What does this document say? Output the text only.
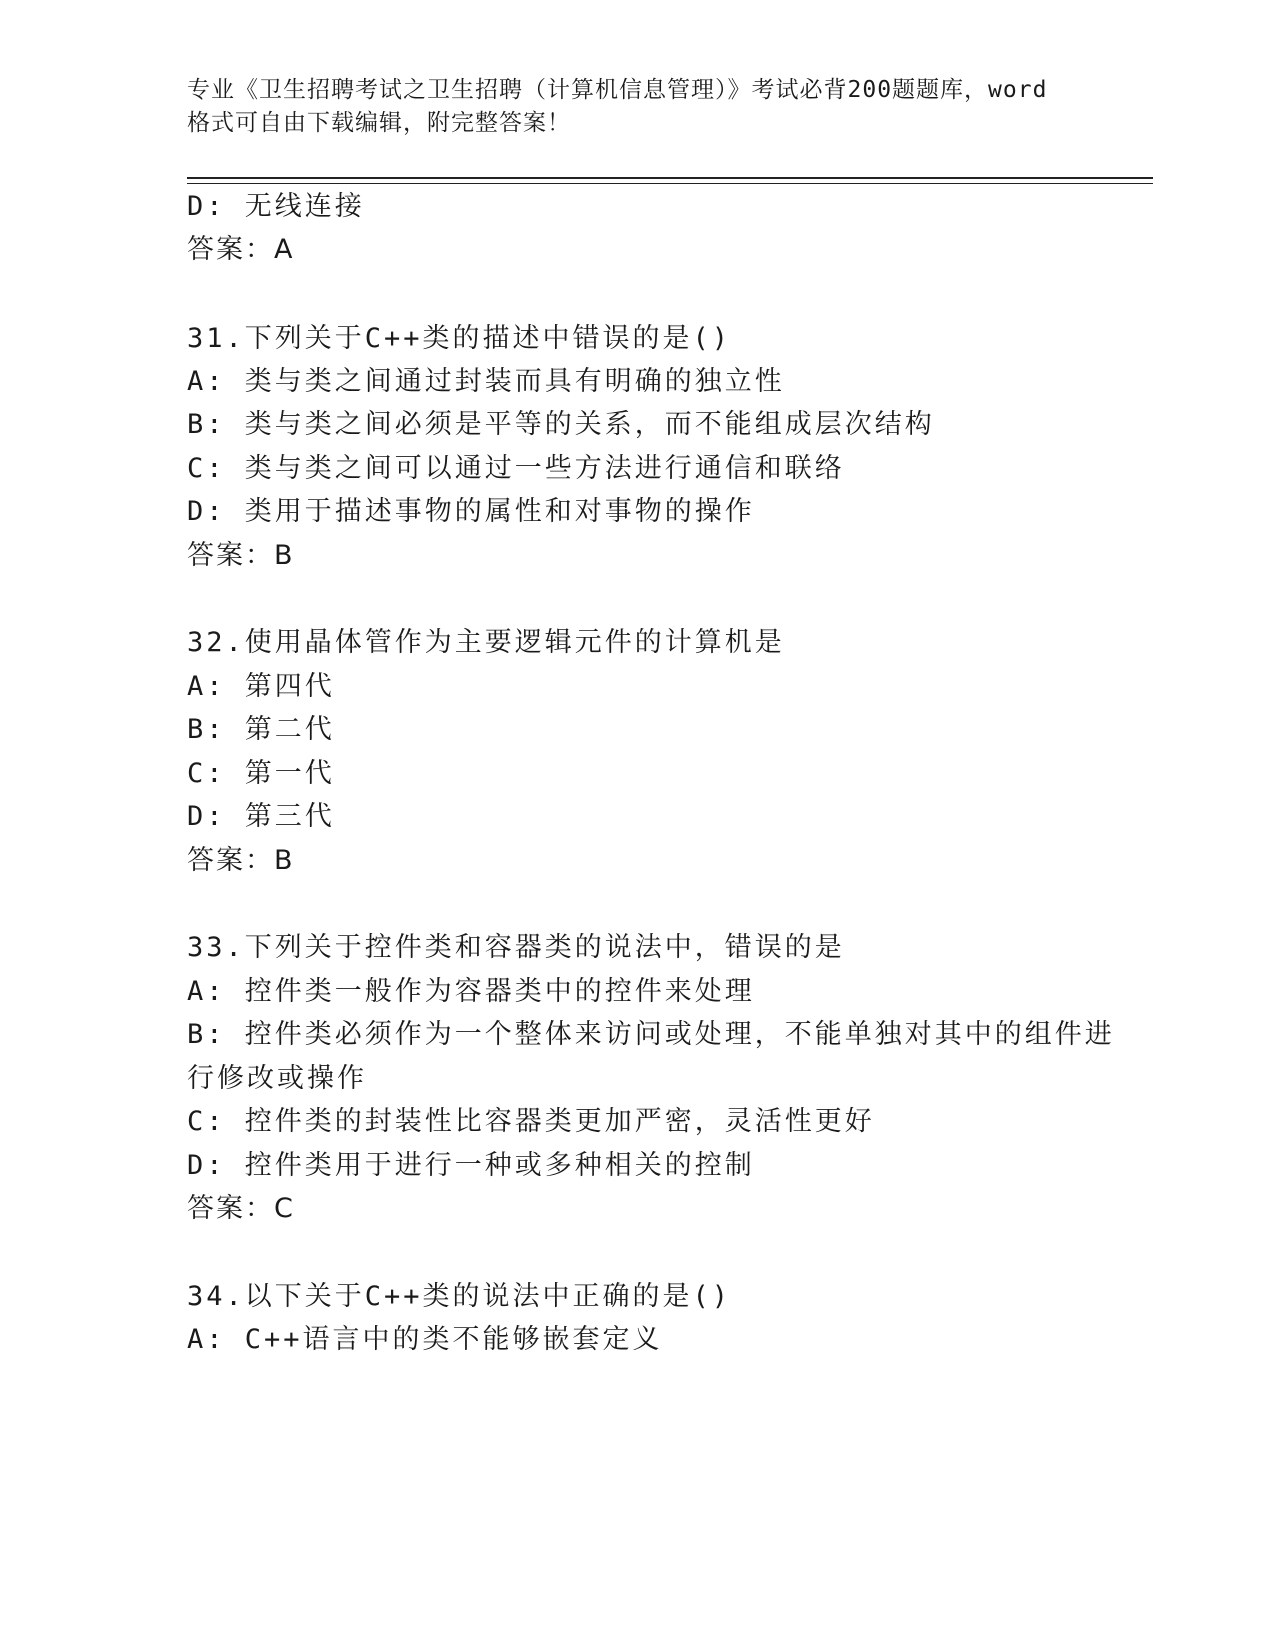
专业《卫生招聘考试之卫生招聘（计算机信息管理）》考试必背200题题库，word
格式可自由下载编辑，附完整答案！
D: 无线连接
答案：A
31.下列关于C++类的描述中错误的是()
A: 类与类之间通过封装而具有明确的独立性
B: 类与类之间必须是平等的关系，而不能组成层次结构
C: 类与类之间可以通过一些方法进行通信和联络
D: 类用于描述事物的属性和对事物的操作
答案：B
32.使用晶体管作为主要逻辑元件的计算机是
A: 第四代
B: 第二代
C: 第一代
D: 第三代
答案：B
33.下列关于控件类和容器类的说法中，错误的是
A: 控件类一般作为容器类中的控件来处理
B: 控件类必须作为一个整体来访问或处理，不能单独对其中的组件进
行修改或操作
C: 控件类的封装性比容器类更加严密，灵活性更好
D: 控件类用于进行一种或多种相关的控制
答案：C
34.以下关于C++类的说法中正确的是()
A: C++语言中的类不能够嵌套定义
